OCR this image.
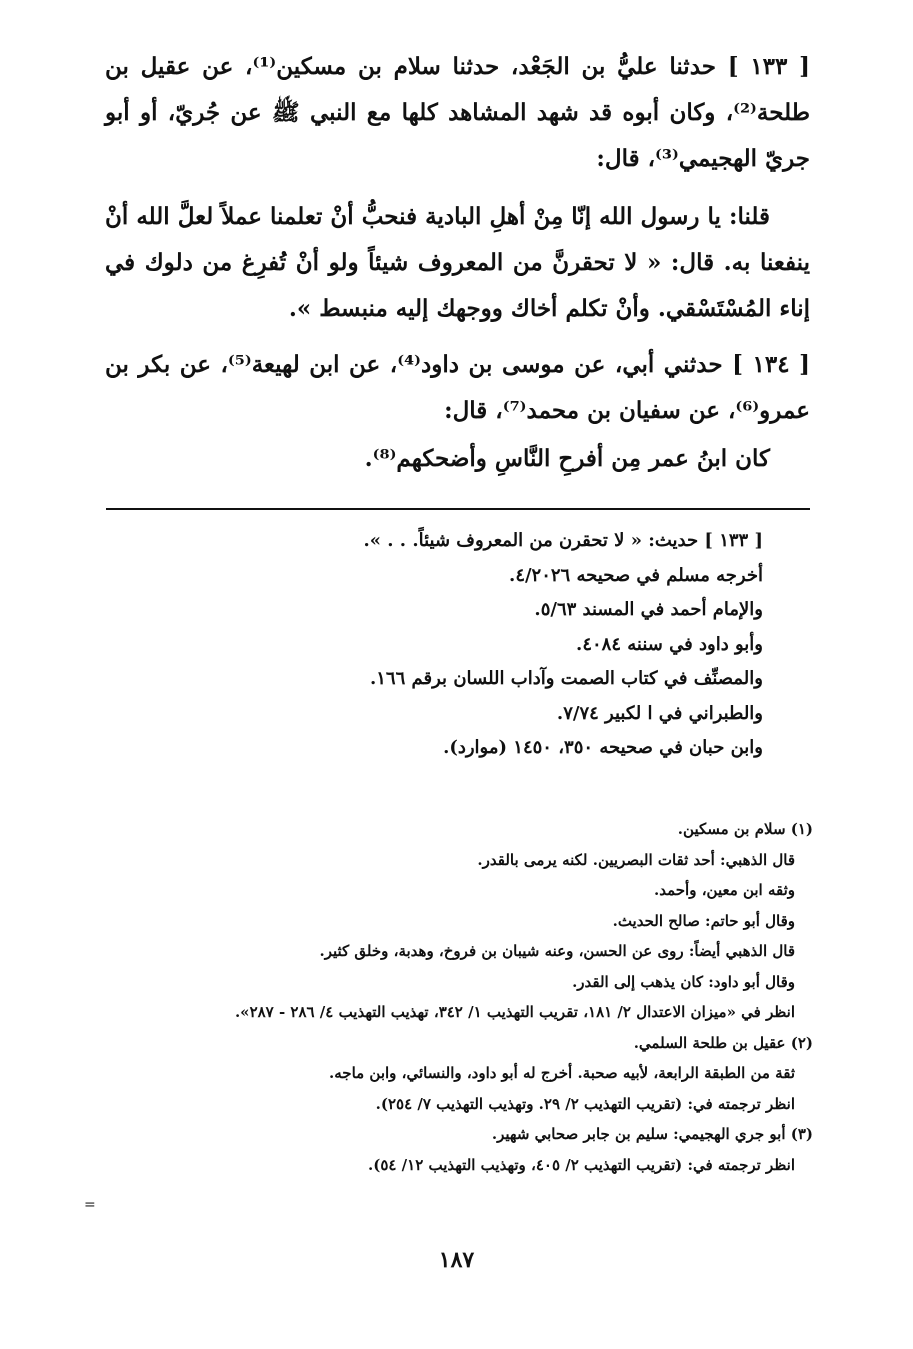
[ ١٣٣ ] حدثنا عليُّ بن الجَعْد، حدثنا سلام بن مسكين⁽¹⁾، عن عقيل بن طلحة⁽²⁾، وكان أبوه قد شهد المشاهد كلها مع النبي ﷺ عن جُريّ، أو أبو جريّ الهجيمي⁽³⁾، قال:

قلنا: يا رسول الله إنّا مِنْ أهلِ البادية فنحبُّ أنْ تعلمنا عملاً لعلَّ الله أنْ ينفعنا به. قال: « لا تحقرنَّ من المعروف شيئاً ولو أنْ تُفرِغ من دلوك في إناء المُسْتَسْقي. وأنْ تكلم أخاك ووجهك إليه منبسط ».

[ ١٣٤ ] حدثني أبي، عن موسى بن داود⁽⁴⁾، عن ابن لهيعة⁽⁵⁾، عن بكر بن عمرو⁽⁶⁾، عن سفيان بن محمد⁽⁷⁾، قال:

كان ابنُ عمر مِن أفرحِ النَّاسِ وأضحكهم⁽⁸⁾.

[ ١٣٣ ] حديث: « لا تحقرن من المعروف شيئاً. . . ».
أخرجه مسلم في صحيحه ٤/٢٠٢٦.
والإمام أحمد في المسند ٥/٦٣.
وأبو داود في سننه ٤٠٨٤.
والمصنِّف في كتاب الصمت وآداب اللسان برقم ١٦٦.
والطبراني في ا لكبير ٧/٧٤.
وابن حبان في صحيحه ٣٥٠، ١٤٥٠ (موارد).
(١) سلام بن مسكين.
قال الذهبي: أحد ثقات البصريين. لكنه يرمى بالقدر.
وثقه ابن معين، وأحمد.
وقال أبو حاتم: صالح الحديث.
قال الذهبي أيضاً: روى عن الحسن، وعنه شيبان بن فروخ، وهدبة، وخلق كثير.
وقال أبو داود: كان يذهب إلى القدر.
انظر في «ميزان الاعتدال ٢/ ١٨١، تقريب التهذيب ١/ ٣٤٢، تهذيب التهذيب ٤/ ٢٨٦ - ٢٨٧».
(٢) عقيل بن طلحة السلمي.
ثقة من الطبقة الرابعة، لأبيه صحبة. أخرج له أبو داود، والنسائي، وابن ماجه.
انظر ترجمته في: (تقريب التهذيب ٢/ ٢٩. وتهذيب التهذيب ٧/ ٢٥٤).
(٣) أبو جري الهجيمي: سليم بن جابر صحابي شهير.
انظر ترجمته في: (تقريب التهذيب ٢/ ٤٠٥، وتهذيب التهذيب ١٢/ ٥٤).
١٨٧
=
